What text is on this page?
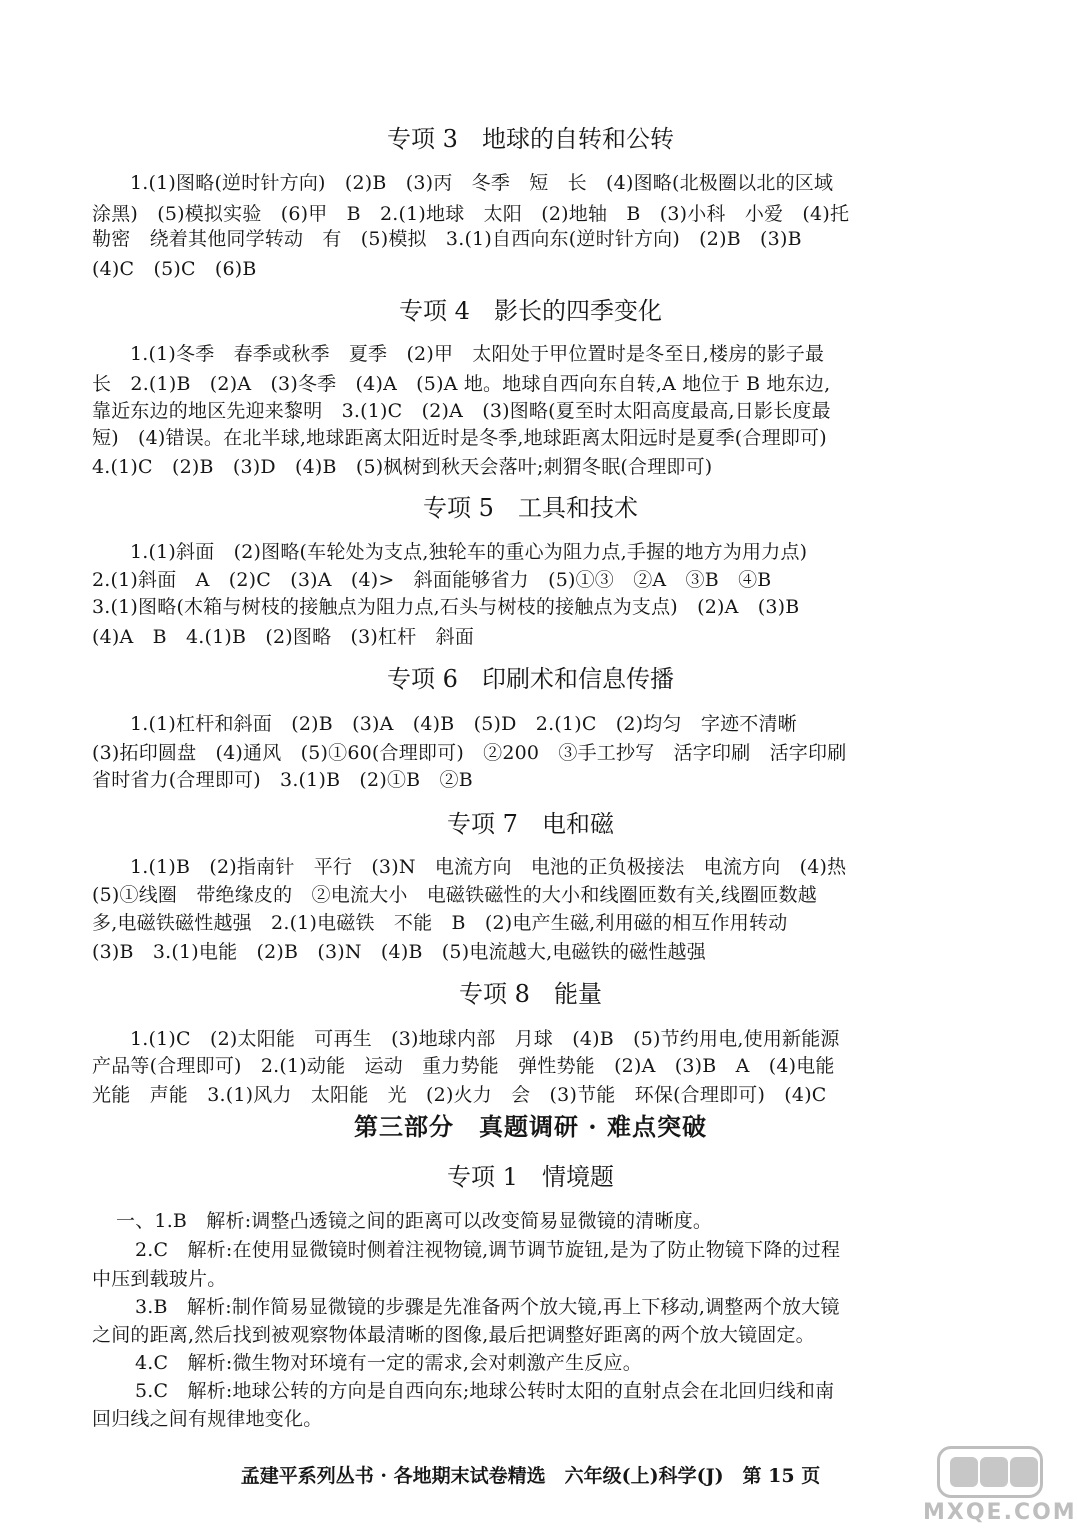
专项 3　地球的自转和公转
1.(1)图略(逆时针方向)　(2)B　(3)丙　冬季　短　长　(4)图略(北极圈以北的区域
涂黑)　(5)模拟实验　(6)甲　B　2.(1)地球　太阳　(2)地轴　B　(3)小科　小爱　(4)托
勒密　绕着其他同学转动　有　(5)模拟　3.(1)自西向东(逆时针方向)　(2)B　(3)B
(4)C　(5)C　(6)B
专项 4　影长的四季变化
1.(1)冬季　春季或秋季　夏季　(2)甲　太阳处于甲位置时是冬至日,楼房的影子最
长　2.(1)B　(2)A　(3)冬季　(4)A　(5)A 地。地球自西向东自转,A 地位于 B 地东边,
靠近东边的地区先迎来黎明　3.(1)C　(2)A　(3)图略(夏至时太阳高度最高,日影长度最
短)　(4)错误。在北半球,地球距离太阳近时是冬季,地球距离太阳远时是夏季(合理即可)
4.(1)C　(2)B　(3)D　(4)B　(5)枫树到秋天会落叶;刺猬冬眠(合理即可)
专项 5　工具和技术
1.(1)斜面　(2)图略(车轮处为支点,独轮车的重心为阻力点,手握的地方为用力点)
2.(1)斜面　A　(2)C　(3)A　(4)>　斜面能够省力　(5)①③　②A　③B　④B
3.(1)图略(木箱与树枝的接触点为阻力点,石头与树枝的接触点为支点)　(2)A　(3)B
(4)A　B　4.(1)B　(2)图略　(3)杠杆　斜面
专项 6　印刷术和信息传播
1.(1)杠杆和斜面　(2)B　(3)A　(4)B　(5)D　2.(1)C　(2)均匀　字迹不清晰
(3)拓印圆盘　(4)通风　(5)①60(合理即可)　②200　③手工抄写　活字印刷　活字印刷
省时省力(合理即可)　3.(1)B　(2)①B　②B
专项 7　电和磁
1.(1)B　(2)指南针　平行　(3)N　电流方向　电池的正负极接法　电流方向　(4)热
(5)①线圈　带绝缘皮的　②电流大小　电磁铁磁性的大小和线圈匝数有关,线圈匝数越
多,电磁铁磁性越强　2.(1)电磁铁　不能　B　(2)电产生磁,利用磁的相互作用转动
(3)B　3.(1)电能　(2)B　(3)N　(4)B　(5)电流越大,电磁铁的磁性越强
专项 8　能量
1.(1)C　(2)太阳能　可再生　(3)地球内部　月球　(4)B　(5)节约用电,使用新能源
产品等(合理即可)　2.(1)动能　运动　重力势能　弹性势能　(2)A　(3)B　A　(4)电能
光能　声能　3.(1)风力　太阳能　光　(2)火力　会　(3)节能　环保(合理即可)　(4)C
第三部分　真题调研 · 难点突破
专项 1　情境题
一、1.B　解析:调整凸透镜之间的距离可以改变简易显微镜的清晰度。
2.C　解析:在使用显微镜时侧着注视物镜,调节调节旋钮,是为了防止物镜下降的过程
中压到载玻片。
3.B　解析:制作简易显微镜的步骤是先准备两个放大镜,再上下移动,调整两个放大镜
之间的距离,然后找到被观察物体最清晰的图像,最后把调整好距离的两个放大镜固定。
4.C　解析:微生物对环境有一定的需求,会对刺激产生反应。
5.C　解析:地球公转的方向是自西向东;地球公转时太阳的直射点会在北回归线和南
回归线之间有规律地变化。
孟建平系列丛书 · 各地期末试卷精选　六年级(上)科学(J)　第 15 页
MXQE.COM
